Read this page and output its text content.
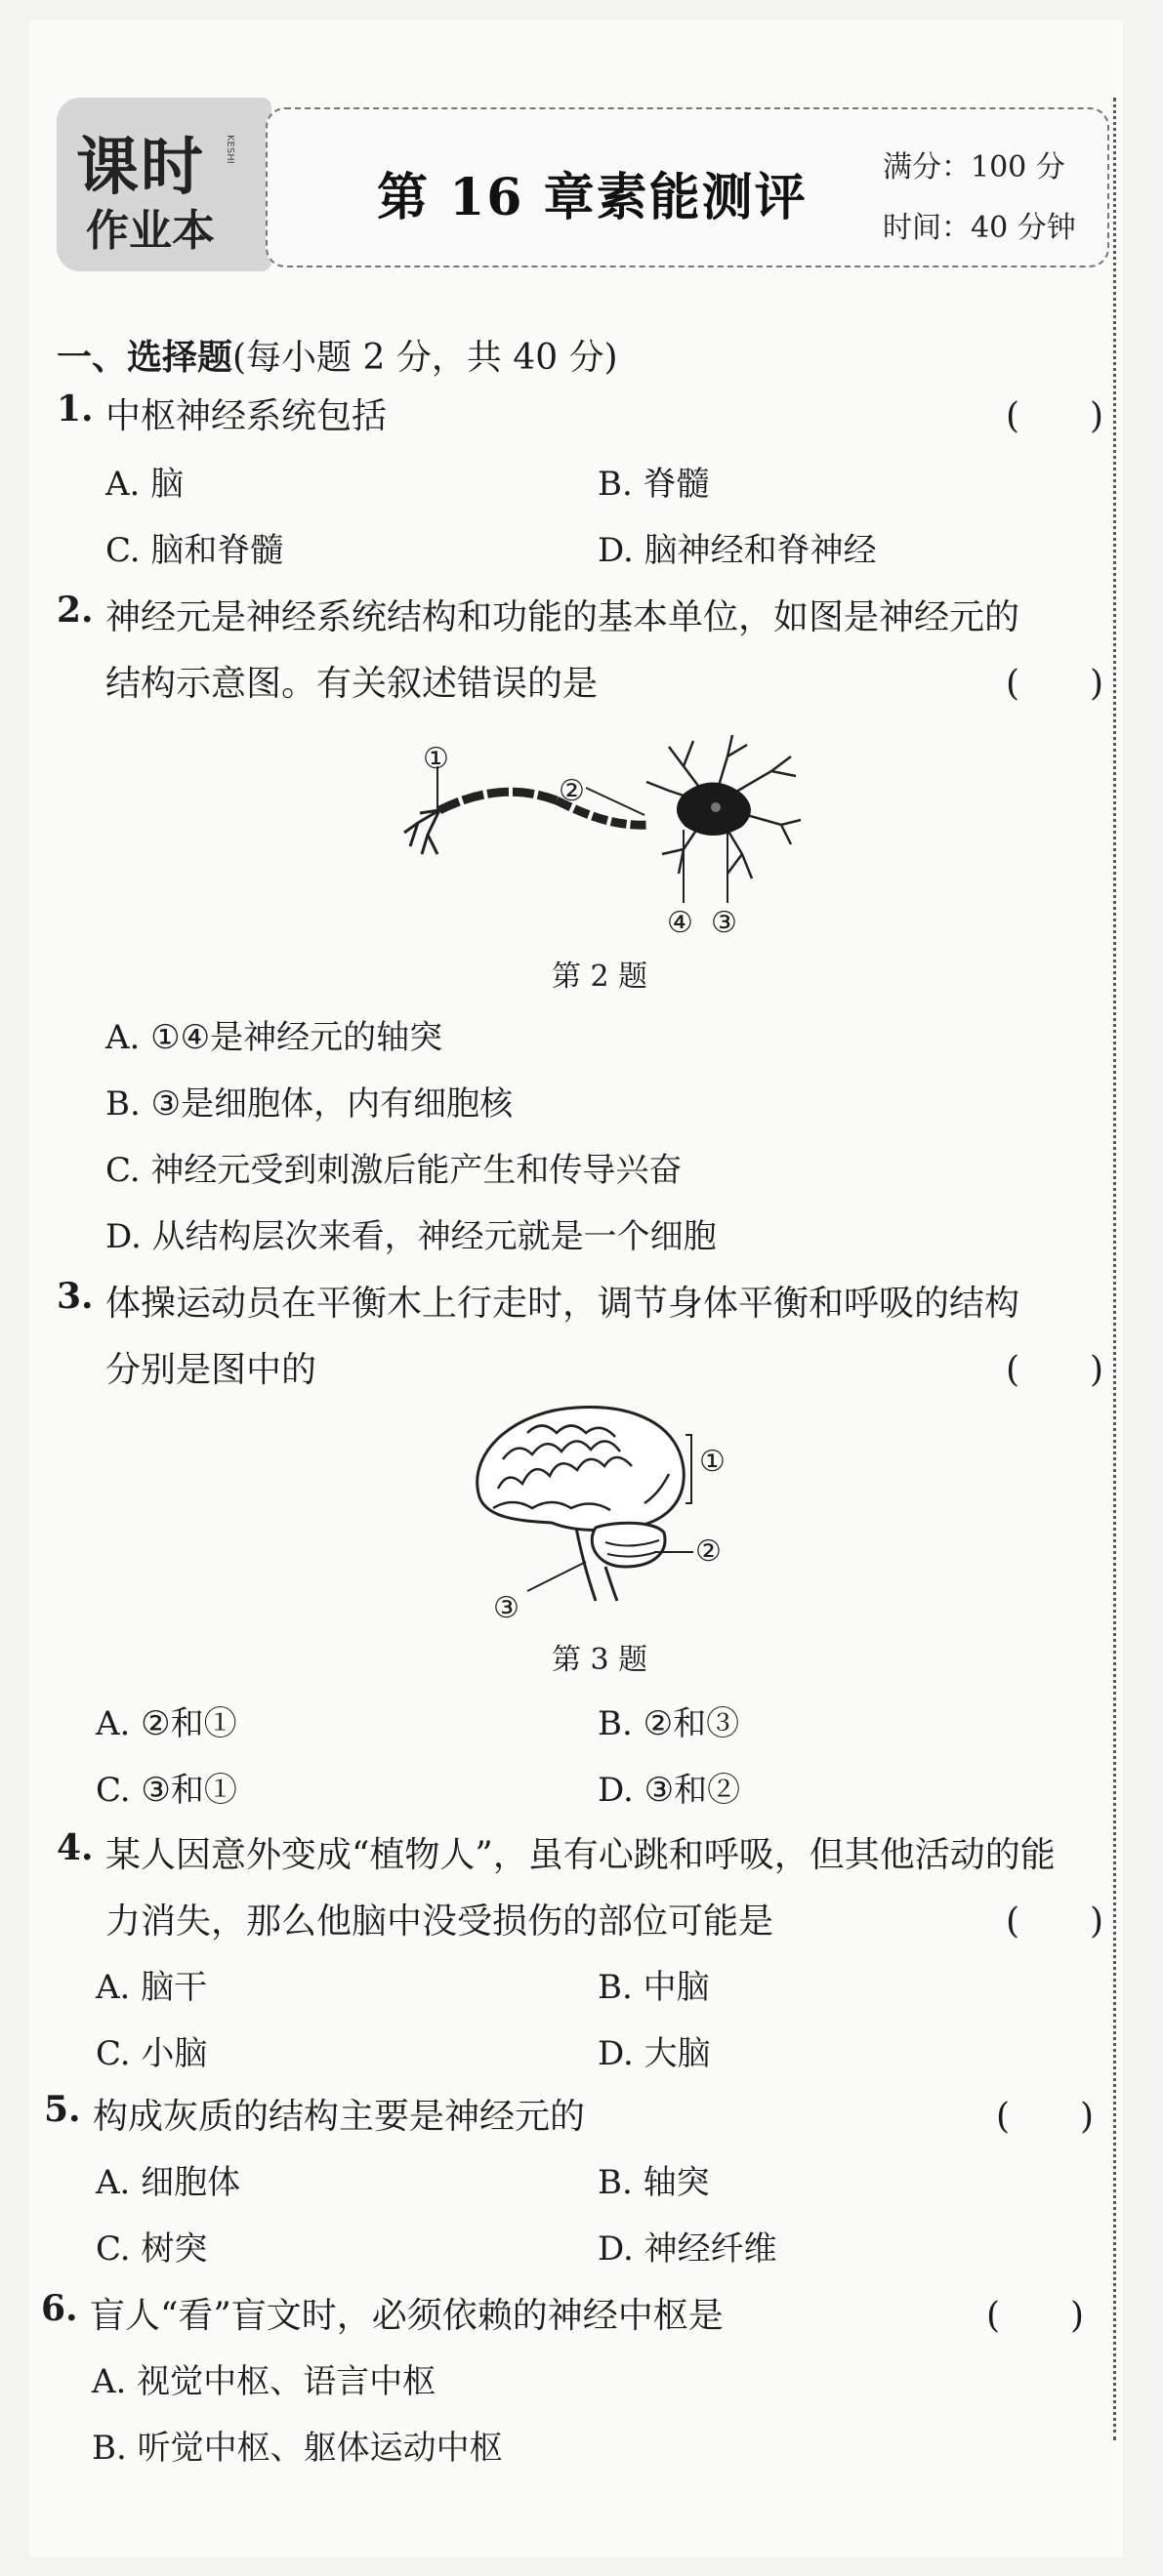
课时 KESHI
作业本
第 16 章素能测评
满分：100 分
时间：40 分钟
一、选择题(每小题 2 分，共 40 分)
1. 中枢神经系统包括	(　　)
A. 脑	B. 脊髓
C. 脑和脊髓	D. 脑神经和脊神经
2. 神经元是神经系统结构和功能的基本单位，如图是神经元的
结构示意图。有关叙述错误的是	(　　)
①
②
④ ③
第 2 题
A. ①④是神经元的轴突
B. ③是细胞体，内有细胞核
C. 神经元受到刺激后能产生和传导兴奋
D. 从结构层次来看，神经元就是一个细胞
3. 体操运动员在平衡木上行走时，调节身体平衡和呼吸的结构
分别是图中的	(　　)
①
②
③
第 3 题
A. ②和①	B. ②和③
C. ③和①	D. ③和②
4. 某人因意外变成“植物人”，虽有心跳和呼吸，但其他活动的能
力消失，那么他脑中没受损伤的部位可能是	(　　)
A. 脑干	B. 中脑
C. 小脑	D. 大脑
5. 构成灰质的结构主要是神经元的	(　　)
A. 细胞体	B. 轴突
C. 树突	D. 神经纤维
6. 盲人“看”盲文时，必须依赖的神经中枢是	(　　)
A. 视觉中枢、语言中枢
B. 听觉中枢、躯体运动中枢
